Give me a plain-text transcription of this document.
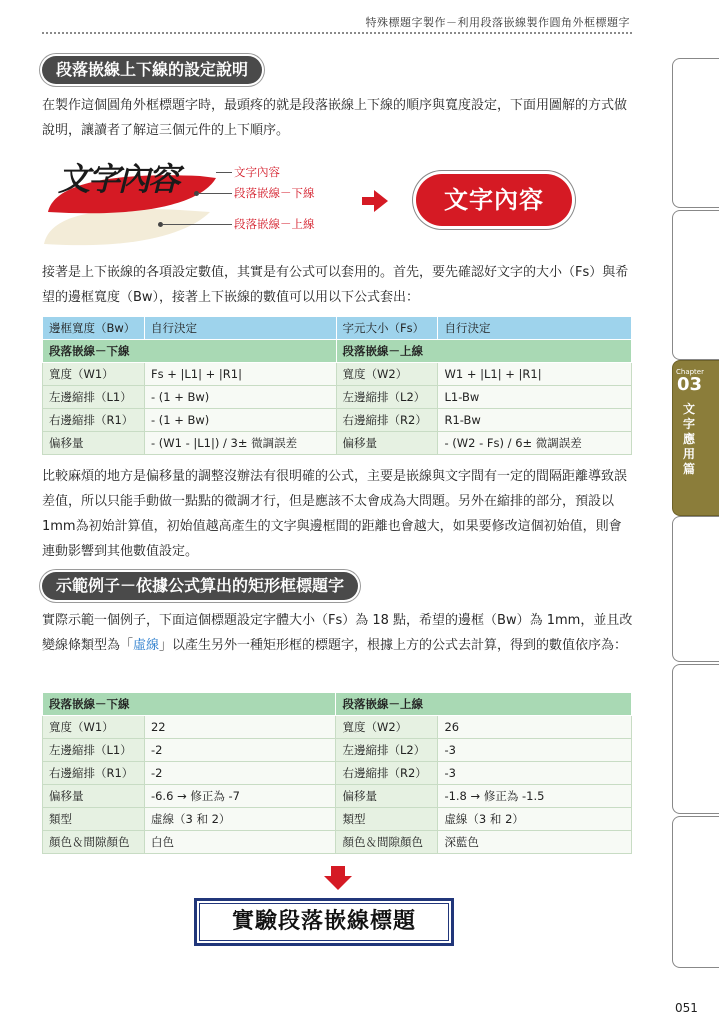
特殊標題字製作－利用段落嵌線製作圓角外框標題字
段落嵌線上下線的設定說明
在製作這個圓角外框標題字時，最頭疼的就是段落嵌線上下線的順序與寬度設定，下面用圖解的方式做說明，讓讀者了解這三個元件的上下順序。
文字內容	文字內容
段落嵌線－下線
段落嵌線－上線
文字內容
接著是上下嵌線的各項設定數值，其實是有公式可以套用的。首先，要先確認好文字的大小（Fs）與希望的邊框寬度（Bw），接著上下嵌線的數值可以用以下公式套出：
邊框寬度（Bw）	自行決定	字元大小（Fs）	自行決定
段落嵌線－下線		段落嵌線－上線	
寬度（W1）	Fs + |L1| + |R1|	寬度（W2）	W1 + |L1| + |R1|
左邊縮排（L1）	- (1 + Bw)	左邊縮排（L2）	L1-Bw
右邊縮排（R1）	- (1 + Bw)	右邊縮排（R2）	R1-Bw
偏移量	- (W1 - |L1|) / 3± 微調誤差	偏移量	- (W2 - Fs) / 6± 微調誤差
比較麻煩的地方是偏移量的調整沒辦法有很明確的公式，主要是嵌線與文字間有一定的間隔距離導致誤差值，所以只能手動做一點點的微調才行，但是應該不太會成為大問題。另外在縮排的部分，預設以 1mm為初始計算值，初始值越高產生的文字與邊框間的距離也會越大，如果要修改這個初始值，則會連動影響到其他數值設定。
示範例子－依據公式算出的矩形框標題字
實際示範一個例子，下面這個標題設定字體大小（Fs）為 18 點，希望的邊框（Bw）為 1mm，並且改變線條類型為「虛線」以產生另外一種矩形框的標題字，根據上方的公式去計算，得到的數值依序為：
段落嵌線－下線		段落嵌線－上線	
寬度（W1）	22	寬度（W2）	26
左邊縮排（L1）	-2	左邊縮排（L2）	-3
右邊縮排（R1）	-2	右邊縮排（R2）	-3
偏移量	-6.6 → 修正為 -7	偏移量	-1.8 → 修正為 -1.5
類型	虛線（3 和 2）	類型	虛線（3 和 2）
顏色＆間隙顏色	白色	顏色＆間隙顏色	深藍色
實驗段落嵌線標題
Chapter
03
文字應用篇
051
